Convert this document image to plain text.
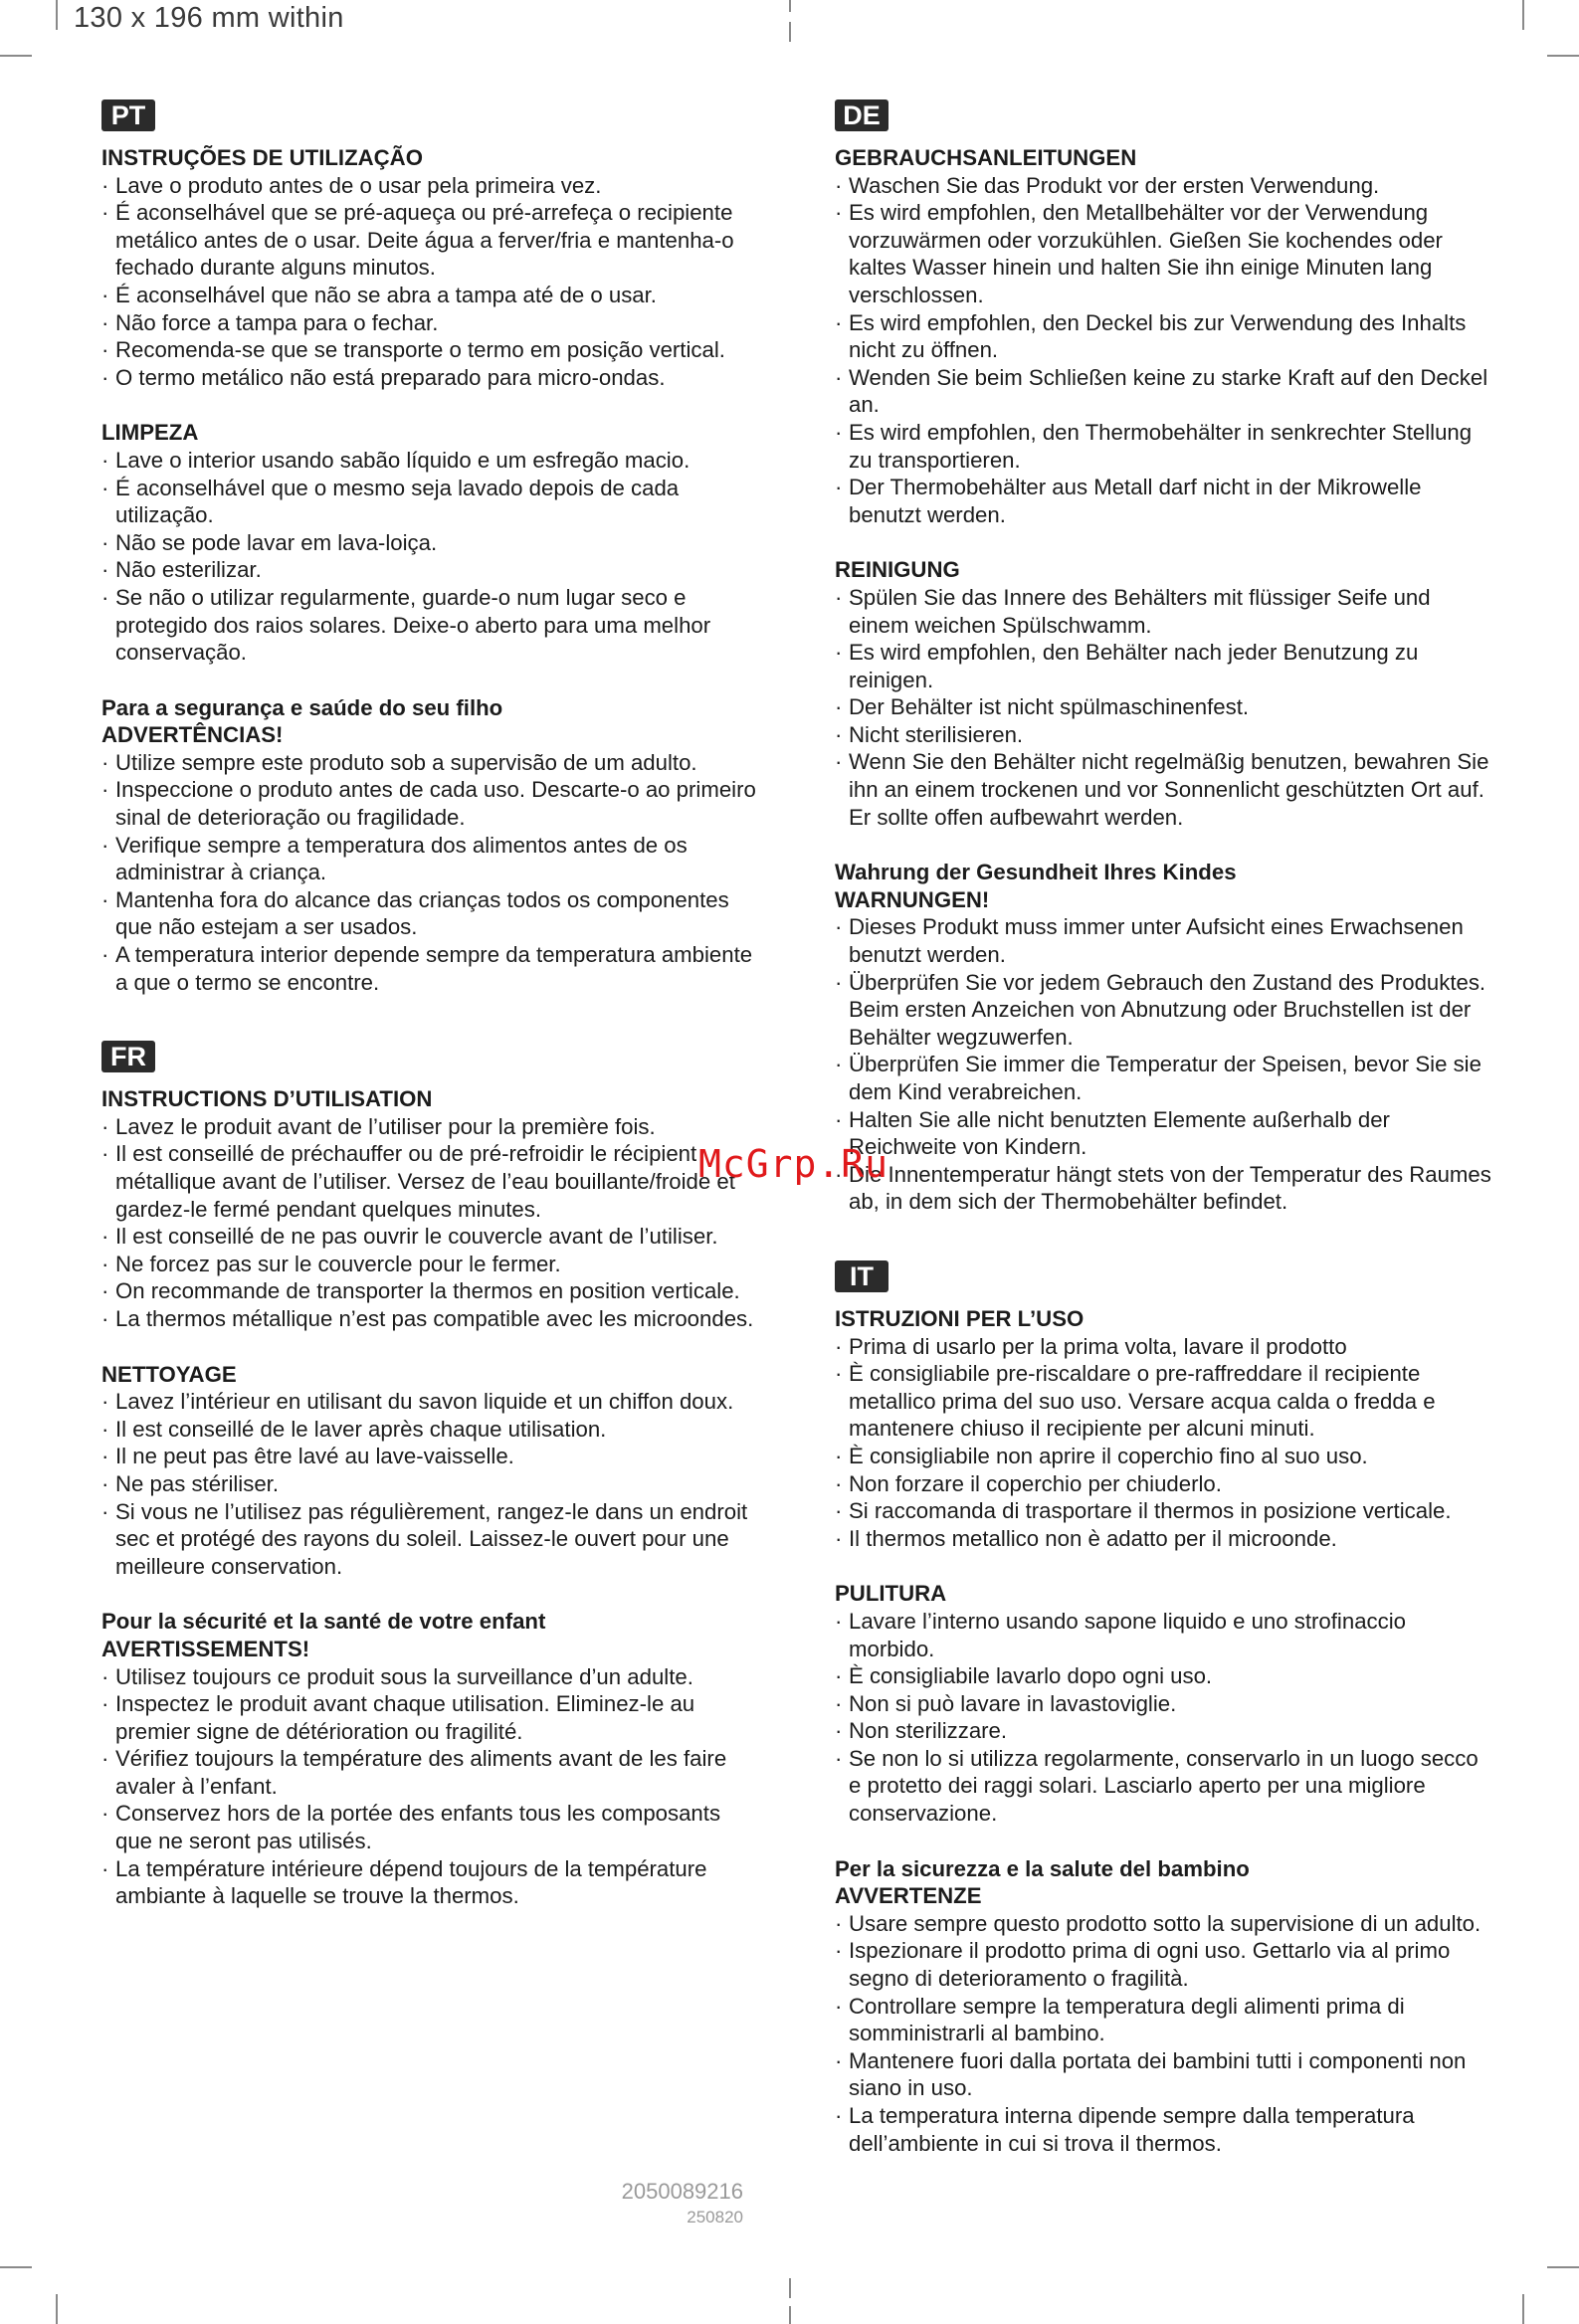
130 x 196 mm within
PT
INSTRUÇÕES DE UTILIZAÇÃO
· Lave o produto antes de o usar pela primeira vez.
· É aconselhável que se pré-aqueça ou pré-arrefeça o recipiente metálico antes de o usar. Deite água a ferver/fria e mantenha-o fechado durante alguns minutos.
· É aconselhável que não se abra a tampa até de o usar.
· Não force a tampa para o fechar.
· Recomenda-se que se transporte o termo em posição vertical.
· O termo metálico não está preparado para micro-ondas.
LIMPEZA
· Lave o interior usando sabão líquido e um esfregão macio.
· É aconselhável que o mesmo seja lavado depois de cada utilização.
· Não se pode lavar em lava-loiça.
· Não esterilizar.
· Se não o utilizar regularmente, guarde-o num lugar seco e protegido dos raios solares. Deixe-o aberto para uma melhor conservação.
Para a segurança e saúde do seu filho
ADVERTÊNCIAS!
· Utilize sempre este produto sob a supervisão de um adulto.
· Inspeccione o produto antes de cada uso. Descarte-o ao primeiro sinal de deterioração ou fragilidade.
· Verifique sempre a temperatura dos alimentos antes de os administrar à criança.
· Mantenha fora do alcance das crianças todos os componentes que não estejam a ser usados.
· A temperatura interior depende sempre da temperatura ambiente a que o termo se encontre.
FR
INSTRUCTIONS D’UTILISATION
· Lavez le produit avant de l’utiliser pour la première fois.
· Il est conseillé de préchauffer ou de pré-refroidir le récipient métallique avant de l’utiliser. Versez de l’eau bouillante/froide et gardez-le fermé pendant quelques minutes.
· Il est conseillé de ne pas ouvrir le couvercle avant de l’utiliser.
· Ne forcez pas sur le couvercle pour le fermer.
· On recommande de transporter la thermos en position verticale.
· La thermos métallique n’est pas compatible avec les microondes.
NETTOYAGE
· Lavez l’intérieur en utilisant du savon liquide et un chiffon doux.
· Il est conseillé de le laver après chaque utilisation.
· Il ne peut pas être lavé au lave-vaisselle.
· Ne pas stériliser.
· Si vous ne l’utilisez pas régulièrement, rangez-le dans un endroit sec et protégé des rayons du soleil. Laissez-le ouvert pour une meilleure conservation.
Pour la sécurité et la santé de votre enfant
AVERTISSEMENTS!
· Utilisez toujours ce produit sous la surveillance d’un adulte.
· Inspectez le produit avant chaque utilisation. Eliminez-le au premier signe de détérioration ou fragilité.
· Vérifiez toujours la température des aliments avant de les faire avaler à l’enfant.
· Conservez hors de la portée des enfants tous les composants que ne seront pas utilisés.
· La température intérieure dépend toujours de la température ambiante à laquelle se trouve la thermos.
DE
GEBRAUCHSANLEITUNGEN
· Waschen Sie das Produkt vor der ersten Verwendung.
· Es wird empfohlen, den Metallbehälter vor der Verwendung vorzuwärmen oder vorzukühlen. Gießen Sie kochendes oder kaltes Wasser hinein und halten Sie ihn einige Minuten lang verschlossen.
· Es wird empfohlen, den Deckel bis zur Verwendung des Inhalts nicht zu öffnen.
· Wenden Sie beim Schließen keine zu starke Kraft auf den Deckel an.
· Es wird empfohlen, den Thermobehälter in senkrechter Stellung zu transportieren.
· Der Thermobehälter aus Metall darf nicht in der Mikrowelle benutzt werden.
REINIGUNG
· Spülen Sie das Innere des Behälters mit flüssiger Seife und einem weichen Spülschwamm.
· Es wird empfohlen, den Behälter nach jeder Benutzung zu reinigen.
· Der Behälter ist nicht spülmaschinenfest.
· Nicht sterilisieren.
· Wenn Sie den Behälter nicht regelmäßig benutzen, bewahren Sie ihn an einem trockenen und vor Sonnenlicht geschützten Ort auf. Er sollte offen aufbewahrt werden.
Wahrung der Gesundheit Ihres Kindes
WARNUNGEN!
· Dieses Produkt muss immer unter Aufsicht eines Erwachsenen benutzt werden.
· Überprüfen Sie vor jedem Gebrauch den Zustand des Produktes. Beim ersten Anzeichen von Abnutzung oder Bruchstellen ist der Behälter wegzuwerfen.
· Überprüfen Sie immer die Temperatur der Speisen, bevor Sie sie dem Kind verabreichen.
· Halten Sie alle nicht benutzten Elemente außerhalb der Reichweite von Kindern.
· Die Innentemperatur hängt stets von der Temperatur des Raumes ab, in dem sich der Thermobehälter befindet.
IT
ISTRUZIONI PER L’USO
· Prima di usarlo per la prima volta, lavare il prodotto
· È consigliabile pre-riscaldare o pre-raffreddare il recipiente metallico prima del suo uso. Versare acqua calda o fredda e mantenere chiuso il recipiente per alcuni minuti.
· È consigliabile non aprire il coperchio fino al suo uso.
· Non forzare il coperchio per chiuderlo.
· Si raccomanda di trasportare il thermos in posizione verticale.
· Il thermos metallico non è adatto per il microonde.
PULITURA
· Lavare l’interno usando sapone liquido e uno strofinaccio morbido.
· È consigliabile lavarlo dopo ogni uso.
· Non si può lavare in lavastoviglie.
· Non sterilizzare.
· Se non lo si utilizza regolarmente, conservarlo in un luogo secco e protetto dei raggi solari. Lasciarlo aperto per una migliore conservazione.
Per la sicurezza e la salute del bambino
AVVERTENZE
· Usare sempre questo prodotto sotto la supervisione di un adulto.
· Ispezionare il prodotto prima di ogni uso. Gettarlo via al primo segno di deterioramento o fragilità.
· Controllare sempre la temperatura degli alimenti prima di somministrarli al bambino.
· Mantenere fuori dalla portata dei bambini tutti i componenti non siano in uso.
· La temperatura interna dipende sempre dalla temperatura dell’ambiente in cui si trova il thermos.
McGrp.Ru
2050089216
250820
